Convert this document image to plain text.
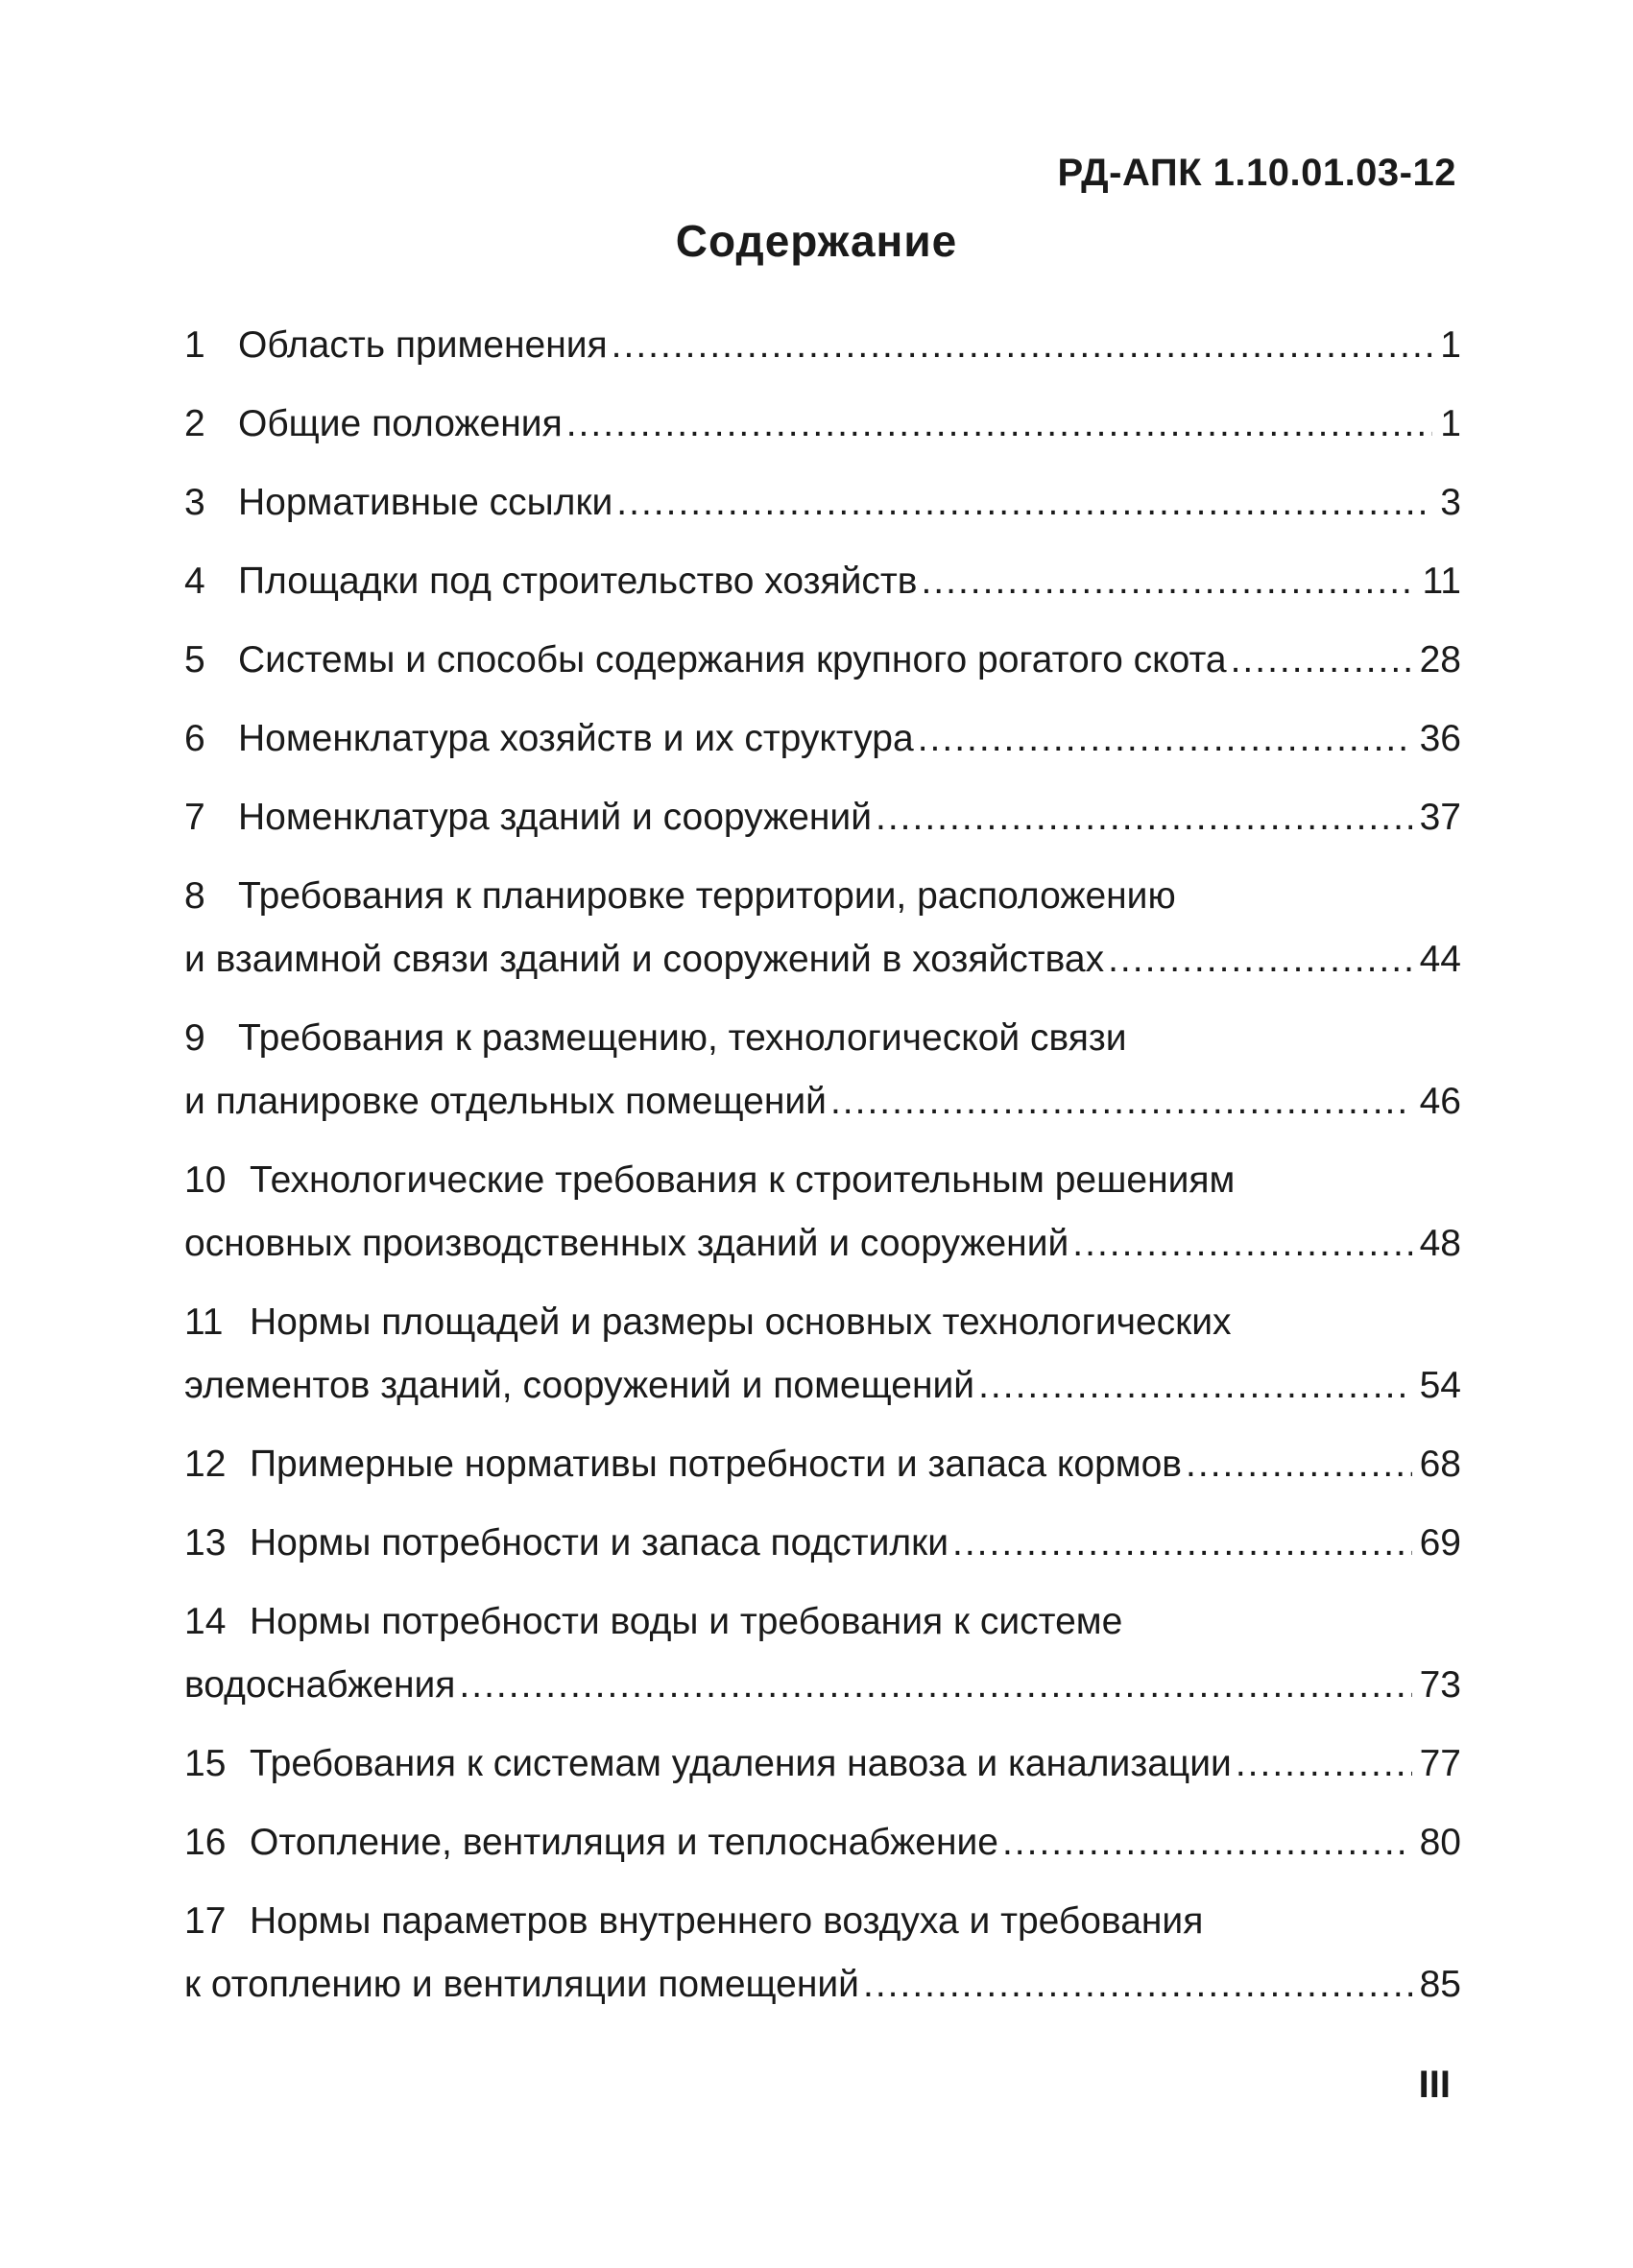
РД-АПК 1.10.01.03-12
Содержание
1 Область применения .....	1
2 Общие положения .....	1
3 Нормативные ссылки .....	3
4 Площадки под строительство хозяйств .....	11
5 Системы и способы содержания крупного рогатого скота .....	28
6 Номенклатура хозяйств и их структура .....	36
7 Номенклатура зданий и сооружений .....	37
8 Требования к планировке территории, расположению
и взаимной связи зданий и сооружений в хозяйствах .....	44
9 Требования к размещению, технологической связи
и планировке отдельных помещений .....	46
10 Технологические требования к строительным решениям
основных производственных зданий и сооружений .....	48
11 Нормы площадей и размеры основных технологических
элементов зданий, сооружений и помещений .....	54
12 Примерные нормативы потребности и запаса кормов .....	68
13 Нормы потребности и запаса подстилки .....	69
14 Нормы потребности воды и требования к системе
водоснабжения .....	73
15 Требования к системам удаления навоза и канализации .....	77
16 Отопление, вентиляция и теплоснабжение .....	80
17 Нормы параметров внутреннего воздуха и требования
к отоплению и вентиляции помещений .....	85
III
